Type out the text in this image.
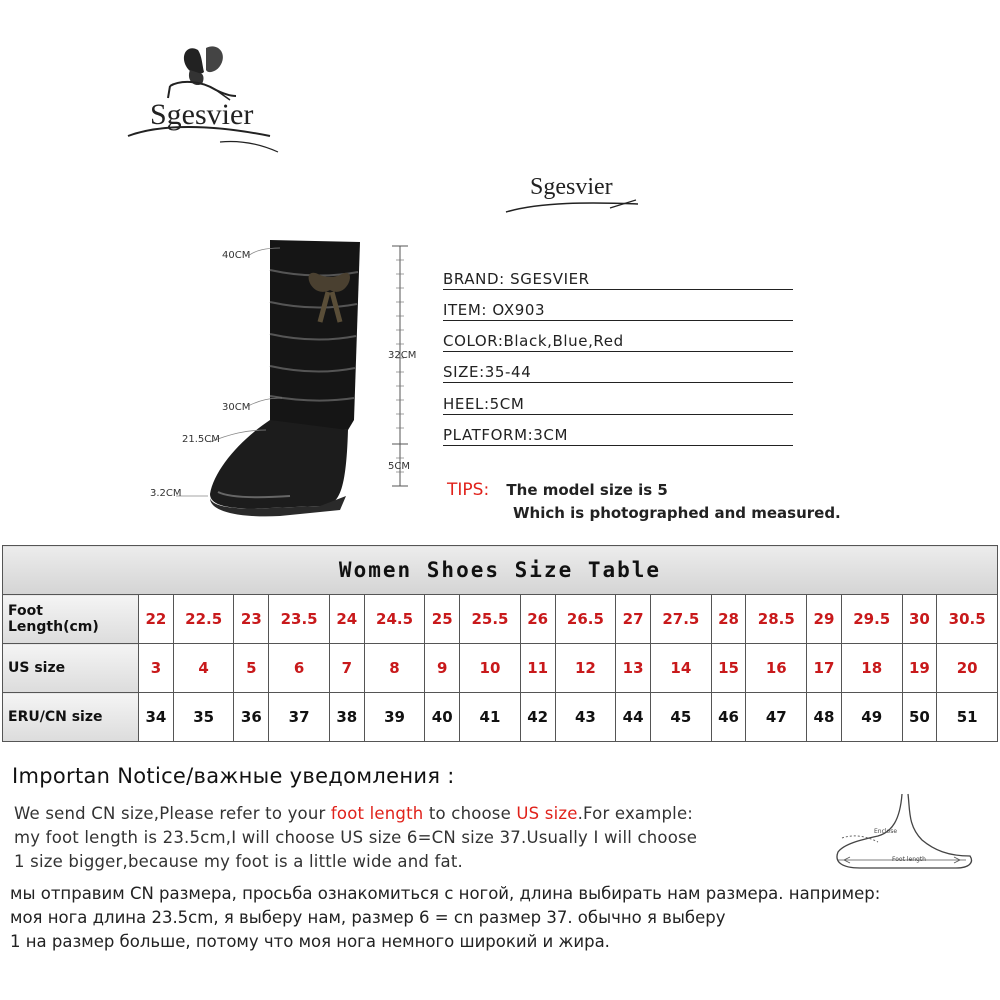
Sgesvier
Sgesvier
40CM
30CM
21.5CM
3.2CM
32CM
5CM
BRAND: SGESVIER
ITEM: OX903
COLOR:Black,Blue,Red
SIZE:35-44
HEEL:5CM
PLATFORM:3CM
TIPS: The model size is 5
Which is photographed and measured.
Women Shoes Size Table																		
Foot Length(cm)	22	22.5	23	23.5	24	24.5	25	25.5	26	26.5	27	27.5	28	28.5	29	29.5	30	30.5
US size	3	4	5	6	7	8	9	10	11	12	13	14	15	16	17	18	19	20
ERU/CN size	34	35	36	37	38	39	40	41	42	43	44	45	46	47	48	49	50	51
Importan Notice/важные уведомления :
We send CN size,Please refer to your foot length to choose US size.For example:
my foot length is 23.5cm,I will choose US size 6=CN size 37.Usually I will choose
1 size bigger,because my foot is a little wide and fat.
мы отправим CN размера, просьба ознакомиться с ногой, длина выбирать нам размера. например:
моя нога длина 23.5cm, я выберу нам, размер 6 = cn размер 37. обычно я выберу
1 на размер больше, потому что моя нога немного широкий и жира.
Enclose
Foot length
